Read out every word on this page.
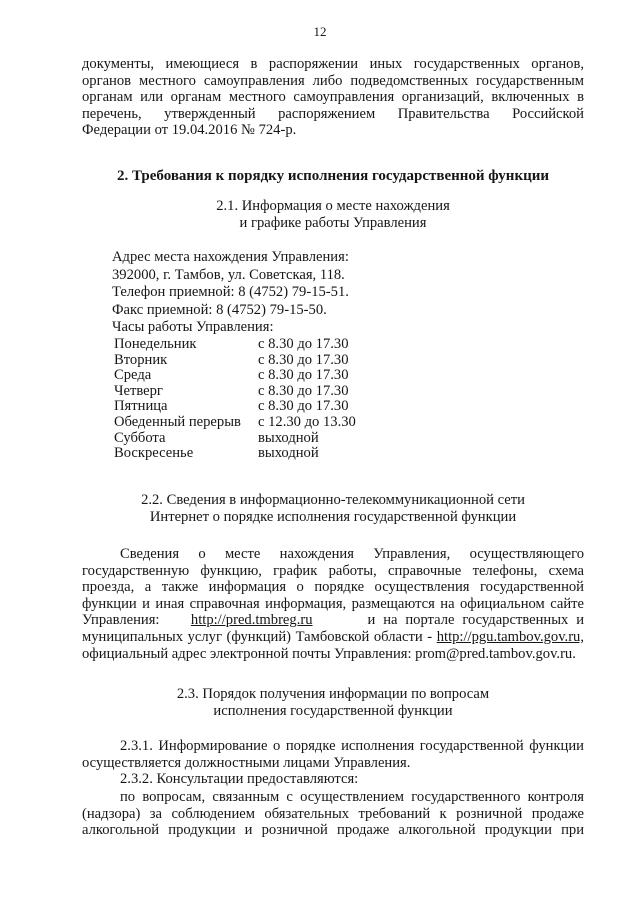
12
документы, имеющиеся в распоряжении иных государственных органов,
органов местного самоуправления либо подведомственных государственным
органам или органам местного самоуправления организаций, включенных в
перечень, утвержденный распоряжением Правительства Российской
Федерации от 19.04.2016 № 724-р.
2. Требования к порядку исполнения государственной функции
2.1. Информация о месте нахождения
и графике работы Управления
Адрес места нахождения Управления:
392000, г. Тамбов, ул. Советская, 118.
Телефон приемной: 8 (4752) 79-15-51.
Факс приемной: 8 (4752) 79-15-50.
Часы работы Управления:
Понедельник	с 8.30 до 17.30
Вторник	с 8.30 до 17.30
Среда	с 8.30 до 17.30
Четверг	с 8.30 до 17.30
Пятница	с 8.30 до 17.30
Обеденный перерыв	с 12.30 до 13.30
Суббота	выходной
Воскресенье	выходной
2.2. Сведения в информационно-телекоммуникационной сети
Интернет о порядке исполнения государственной функции
Сведения о месте нахождения Управления, осуществляющего
государственную функцию, график работы, справочные телефоны, схема
проезда, а также информация о порядке осуществления государственной
функции и иная справочная информация, размещаются на официальном сайте
Управления: http://pred.tmbreg.ru	и на портале государственных и
муниципальных услуг (функций) Тамбовской области - http://pgu.tambov.gov.ru,
официальный адрес электронной почты Управления: prom@pred.tambov.gov.ru.
2.3. Порядок получения информации по вопросам
исполнения государственной функции
2.3.1. Информирование о порядке исполнения государственной функции
осуществляется должностными лицами Управления.
2.3.2. Консультации предоставляются:
по вопросам, связанным с осуществлением государственного контроля
(надзора) за соблюдением обязательных требований к розничной продаже
алкогольной продукции и розничной продаже алкогольной продукции при
